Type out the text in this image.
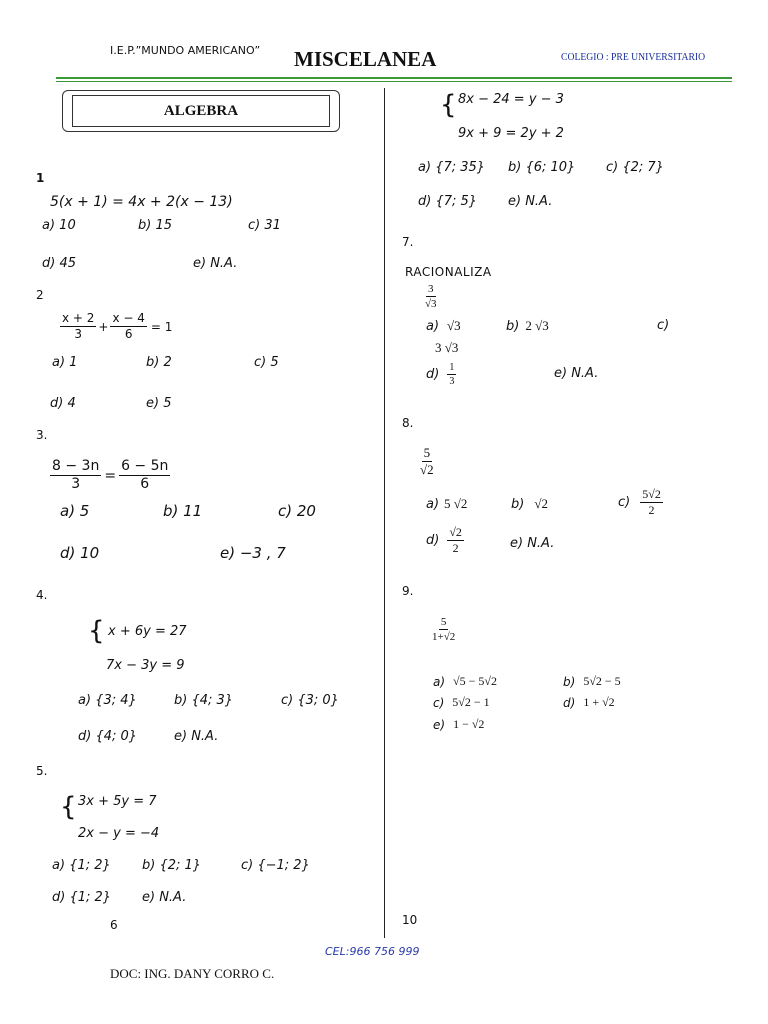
I.E.P.”MUNDO AMERICANO” MISCELANEA	COLEGIO : PRE UNIVERSITARIO
ALGEBRA
1
5(x + 1) = 4x + 2(x − 13)
a) 10	b) 15	c) 31
d) 45	e) N.A.
2
$\frac{x + 2}{3} + \frac{x - 4}{6} = 1$
a) 1	b) 2	c) 5
d) 4	e) 5
3.
$\frac{8 - 3n}{3} = \frac{6 - 5n}{6}$
a) 5	b) 11	c) 20
d) 10	e) −3 , 7
4.
{ x + 6y = 27
7x − 3y = 9
a) {3; 4}	b) {4; 3}	c) {3; 0}
d) {4; 0}	e) N.A.
5.
{ 3x + 5y = 7
2x − y = −4
a) {1; 2} b) {2; 1}	c) {−1; 2}
d) {1; 2} e) N.A.
6
{ 8x − 24 = y − 3
9x + 9 = 2y + 2
a) {7; 35} b) {6; 10} c) {2; 7}
d) {7; 5} e) N.A.
7.
RACIONALIZA
$\frac{3}{√3}$
a) √3	b) 2 √3	c)
3 √3
$d) \frac{1}{3}$	e) N.A.
8.
$\frac{5}{√2}$
a) 5 √2	b) √2	$c) \frac{5√2}{2}$
$d) \frac{√2}{2}$	e) N.A.
9.
$\frac{5}{1+√2}$
a) √5 − 5√2	b) 5√2 − 5
c) 5√2 − 1	d) 1 + √2
e) 1 − √2
10
CEL:966 756 999
DOC: ING. DANY CORRO C.
